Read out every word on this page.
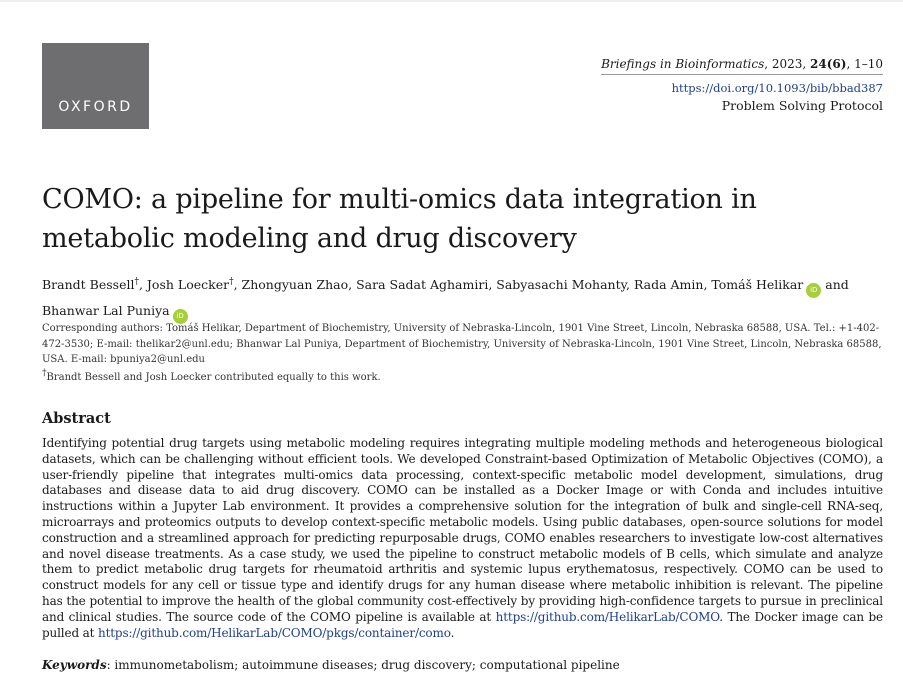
OXFORD
Briefings in Bioinformatics, 2023, 24(6), 1–10
https://doi.org/10.1093/bib/bbad387
Problem Solving Protocol
COMO: a pipeline for multi-omics data integration in metabolic modeling and drug discovery
Brandt Bessell†, Josh Loecker†, Zhongyuan Zhao, Sara Sadat Aghamiri, Sabyasachi Mohanty, Rada Amin, Tomáš Helikar iD and
Bhanwar Lal Puniya iD
Corresponding authors: Tomáš Helikar, Department of Biochemistry, University of Nebraska-Lincoln, 1901 Vine Street, Lincoln, Nebraska 68588, USA. Tel.: +1-402-472-3530; E-mail: thelikar2@unl.edu; Bhanwar Lal Puniya, Department of Biochemistry, University of Nebraska-Lincoln, 1901 Vine Street, Lincoln, Nebraska 68588, USA. E-mail: bpuniya2@unl.edu
†Brandt Bessell and Josh Loecker contributed equally to this work.
Abstract

Identifying potential drug targets using metabolic modeling requires integrating multiple modeling methods and heterogeneous biological datasets, which can be challenging without efficient tools. We developed Constraint-based Optimization of Metabolic Objectives (COMO), a user-friendly pipeline that integrates multi-omics data processing, context-specific metabolic model development, simulations, drug databases and disease data to aid drug discovery. COMO can be installed as a Docker Image or with Conda and includes intuitive instructions within a Jupyter Lab environment. It provides a comprehensive solution for the integration of bulk and single-cell RNA-seq, microarrays and proteomics outputs to develop context-specific metabolic models. Using public databases, open-source solutions for model construction and a streamlined approach for predicting repurposable drugs, COMO enables researchers to investigate low-cost alternatives and novel disease treatments. As a case study, we used the pipeline to construct metabolic models of B cells, which simulate and analyze them to predict metabolic drug targets for rheumatoid arthritis and systemic lupus erythematosus, respectively. COMO can be used to construct models for any cell or tissue type and identify drugs for any human disease where metabolic inhibition is relevant. The pipeline has the potential to improve the health of the global community cost-effectively by providing high-confidence targets to pursue in preclinical and clinical studies. The source code of the COMO pipeline is available at https://github.com/HelikarLab/COMO. The Docker image can be pulled at https://github.com/HelikarLab/COMO/pkgs/container/como.

Keywords: immunometabolism; autoimmune diseases; drug discovery; computational pipeline
